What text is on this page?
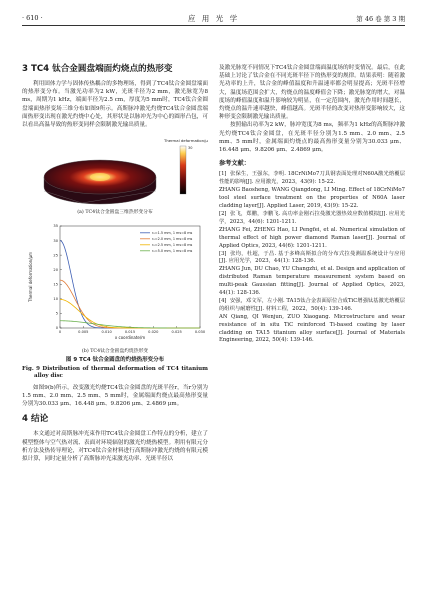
· 610 ·	应 用 光 学	第 46 卷 第 3 期
3 TC4 钛合金圆盘端面灼烧点的热形变

利用固体力学与固体传热耦合的多物理场，得到了TC4钛合金圆盘端面的热形变分布。当激光功率为2 kW，光斑半径为2 mm，激光脉宽为8 ms，周期为1 kHz，端面半径为2.5 cm，厚度为5 mm时，TC4钛合金圆盘端面热形变场三维分布如图9所示。高斯脉冲激光灼烧TC4钛合金圆盘端面热形变出现在激光灼烧中心处，其形状是以脉冲光为中心的圆形凸包，可以看出高温导致的热形变同样会限制激光输出质量。

Thermal deformation/μm
30
(a) TC4钛合金圆盘三维热形变分布
0
5
10
15
20
25
30
35
0	0.005	0.010	0.015	0.020	0.025	0.030
x coordinate/m
Thermal deformation/μm
r₀=1.5 mm, 1 ms=8 ms
r₀=2.0 mm, 1 ms=8 ms
r₀=2.5 mm, 1 ms=8 ms
r₀=5.0 mm, 1 ms=8 ms
(b) TC4钛合金圆盘灼烧热形变
图 9 TC4 钛合金圆盘的灼烧热形变分布
Fig. 9 Distribution of thermal deformation of TC4 titanium alloy disc

如图9(b)所示，改变激光灼烧TC4钛合金圆盘的光斑半径r，当r分别为1.5 mm、2.0 mm、2.5 mm、5 mm时，金属端面灼烧点最高热形变量分别为30.033 μm、16.448 μm、9.8206 μm、2.4869 μm。

4 结论

本文通过对高斯脉冲光束作用TC4钛合金圆盘工作特点的分析，建立了模型整体与空气热对流、表面对环境辐射的激光灼烧热模型。利用有限元分析方法及热传导理论，对TC4钛合金材料进行高斯脉冲激光灼烧的有限元模拟计算，同时定量分析了高斯脉冲光束激光功率、光斑半径以

及激光脉宽不同情况下TC4钛合金圆盘端面温度场的时变情况。最后，在此基础上讨论了钛合金在不同光斑半径下的热形变的规律。结果表明：随着激光功率的上升，钛合金的峰值温度和升温速率都会明显提高；光斑半径增大，温度场范围会扩大，灼烧点的温度峰值会下降；激光脉宽的增大，对温度场的峰值温度和温升影响较为明显，在一定范围内，激光作用时间越长，灼烧点的温升速率越快，峰值越高。光斑半径的改变对热形变影响较大，这种形变会限制激光输出质量。

按照输出功率为2 kW，脉冲宽度为8 ms，频率为1 kHz的高斯脉冲激光灼烧TC4钛合金圆盘，在光斑半径分别为1.5 mm、2.0 mm、2.5 mm、5 mm时，金属端面灼烧点的最高热形变量分别为30.033 μm、16.448 μm、9.8206 μm、2.4869 μm。

参考文献：

[1] 张保生，王强东，李明. 18CrNiMo7刀具钢表面处理对N60A激光熔覆层性能的影响[J]. 应用激光，2023，43(9): 15-22.

ZHANG Baosheng, WANG Qiangdong, LI Ming. Effect of 18CrNiMo7 tool steel surface treatment on the properties of N60A laser cladding layer[J]. Applied Laser, 2019, 43(9): 15-22.

[2] 张飞，郑鹏，李鹏飞. 高功率金刚石拉曼激光器热效应数值模拟[J]. 应用光学，2023，44(6): 1201-1211.

ZHANG Fei, ZHENG Hao, LI Pengfei, et al. Numerical simulation of thermal effect of high power diamond Raman laser[J]. Journal of Applied Optics, 2023, 44(6): 1201-1211.

[3] 张均，杜超，于昌. 基于多峰高斯拟合的分布式拉曼测温系统设计与应用[J]. 应用光学，2023，44(1): 128-136.

ZHANG Jun, DU Chao, YU Changzhi, et al. Design and application of distributed Raman temperature measurement system based on multi-peak Gaussian fitting[J]. Journal of Applied Optics, 2023, 44(1): 128-136.

[4] 安强，邓文军，左小刚. TA15钛合金表面原位合成TiC增强钛基激光熔覆层的组织与耐磨性[J]. 材料工程，2022，50(4): 139-146.

AN Qiang, QI Wenjun, ZUO Xiaogang. Microstructure and wear resistance of in situ TiC reinforced Ti-based coating by laser cladding on TA15 titanium alloy surface[J]. Journal of Materials Engineering, 2022, 50(4): 139-146.
